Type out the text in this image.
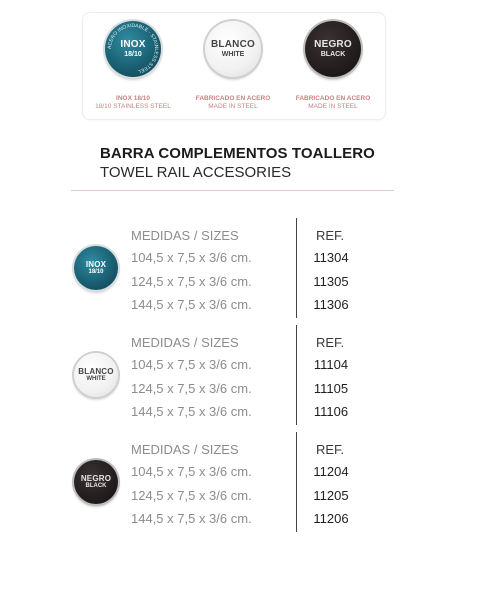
ACERO INOXIDABLE · STAINLESS STEEL
INOX
18/10
INOX 18/10
18/10 STAINLESS STEEL
BLANCO
WHITE
FABRICADO EN ACERO
MADE IN STEEL
NEGRO
BLACK
FABRICADO EN ACERO
MADE IN STEEL
BARRA COMPLEMENTOS TOALLERO
TOWEL RAIL ACCESORIES
INOX
18/10
MEDIDAS / SIZES
104,5 x 7,5 x 3/6 cm.
124,5 x 7,5 x 3/6 cm.
144,5 x 7,5 x 3/6 cm.
REF.
11304
11305
11306
BLANCO
WHITE
MEDIDAS / SIZES
104,5 x 7,5 x 3/6 cm.
124,5 x 7,5 x 3/6 cm.
144,5 x 7,5 x 3/6 cm.
REF.
11104
11105
11106
NEGRO
BLACK
MEDIDAS / SIZES
104,5 x 7,5 x 3/6 cm.
124,5 x 7,5 x 3/6 cm.
144,5 x 7,5 x 3/6 cm.
REF.
11204
11205
11206
